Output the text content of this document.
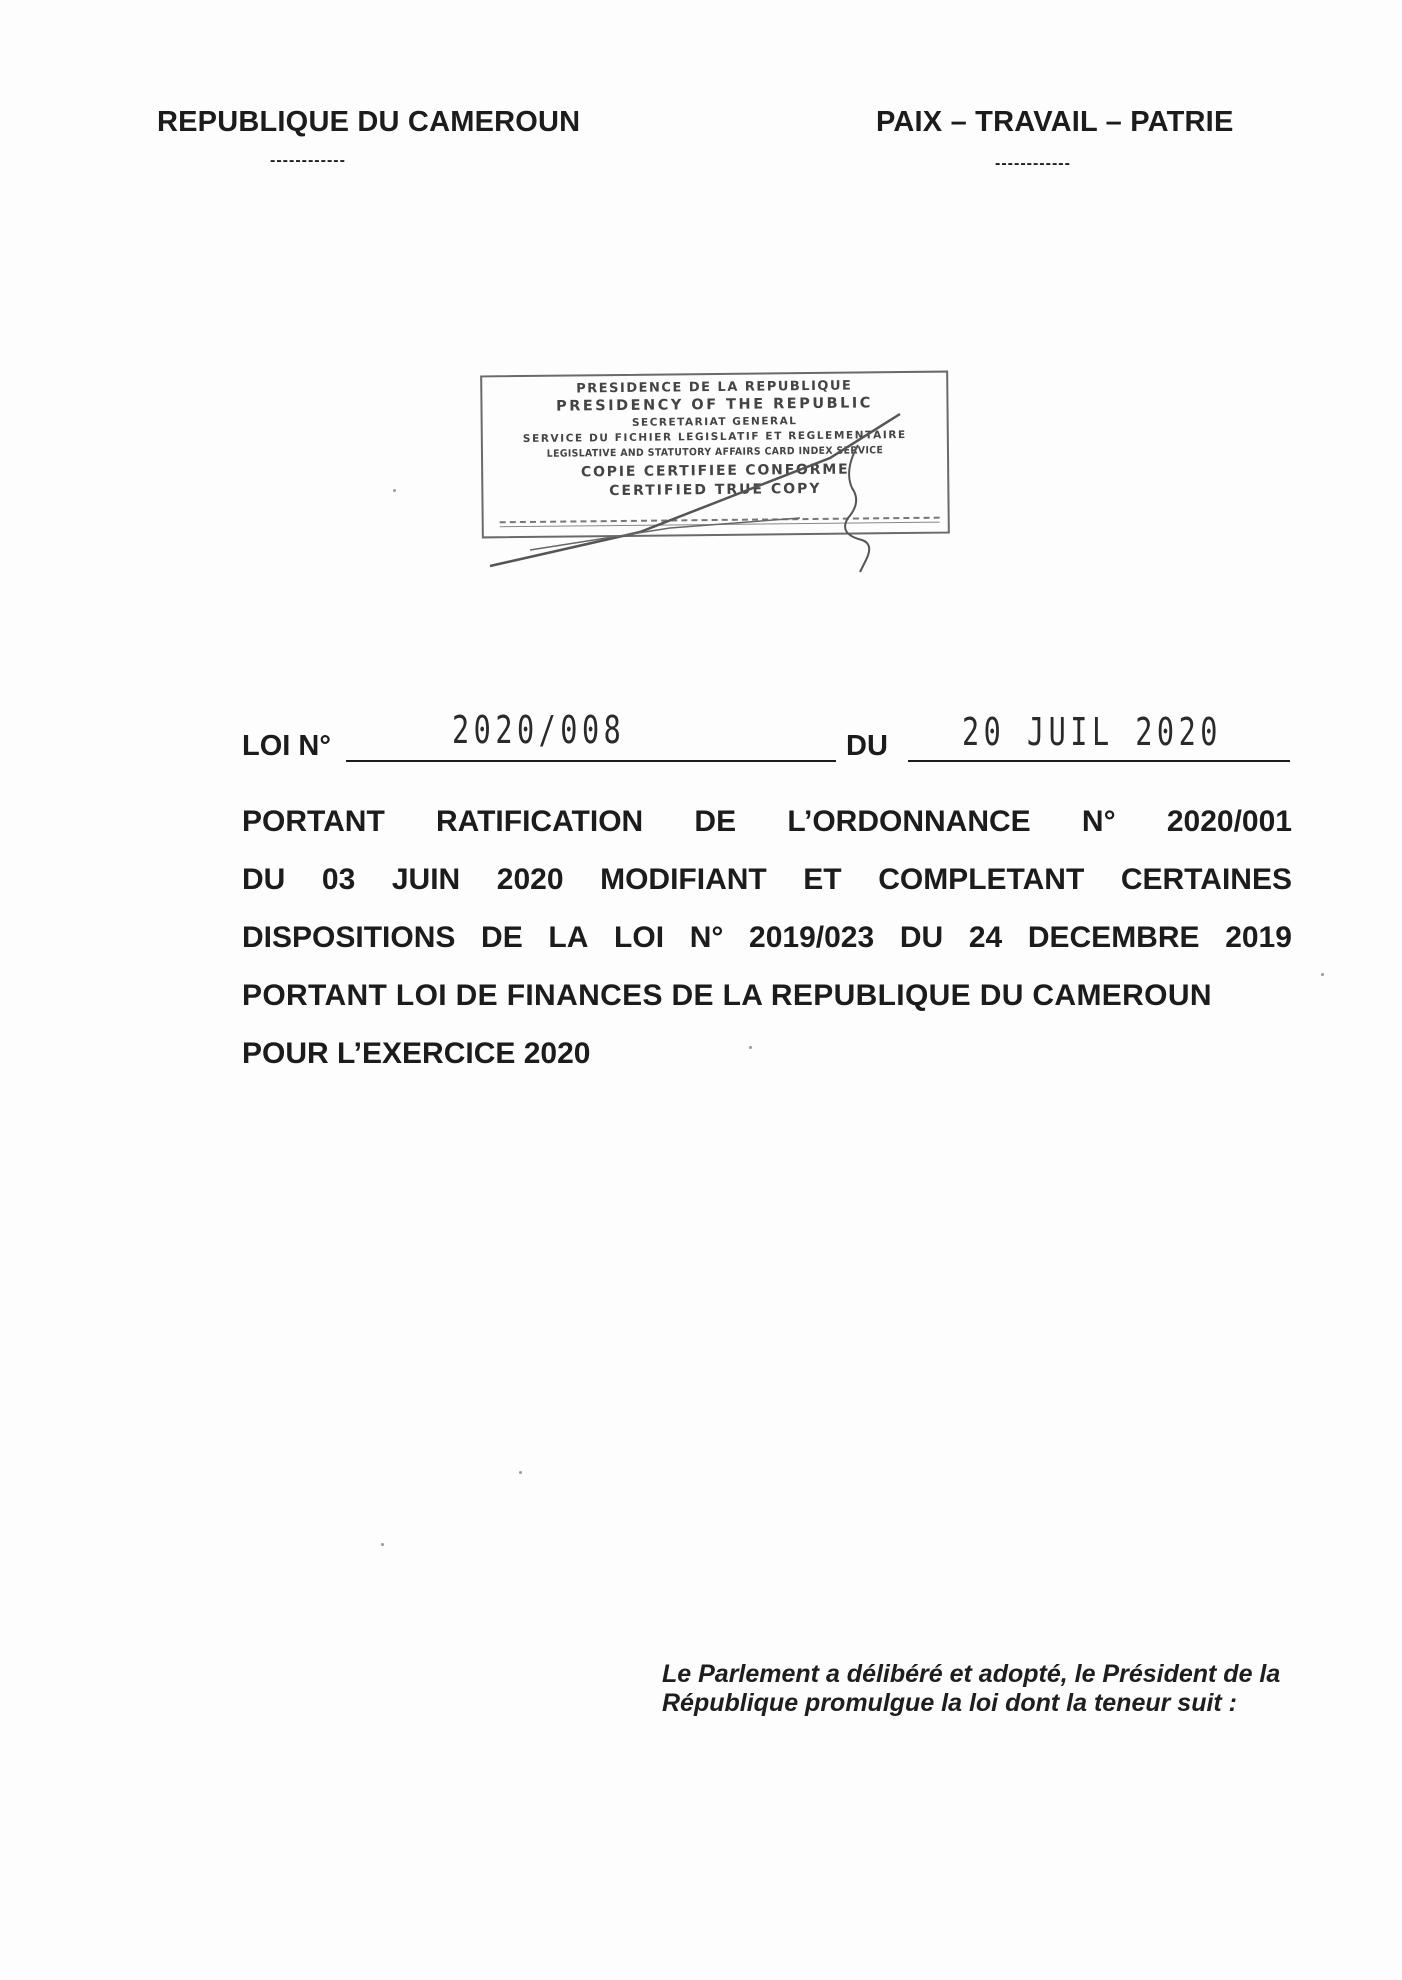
REPUBLIQUE DU CAMEROUN
------------
PAIX – TRAVAIL – PATRIE
------------
PRESIDENCE DE LA REPUBLIQUE
PRESIDENCY OF THE REPUBLIC
SECRETARIAT GENERAL
SERVICE DU FICHIER LEGISLATIF ET REGLEMENTAIRE
LEGISLATIVE AND STATUTORY AFFAIRS CARD INDEX SERVICE
COPIE CERTIFIEE CONFORME
CERTIFIED TRUE COPY
LOI N°	2020/008	DU 20 JUIL 2020
PORTANT RATIFICATION DE L’ORDONNANCE N° 2020/001
DU 03 JUIN 2020 MODIFIANT ET COMPLETANT CERTAINES
DISPOSITIONS DE LA LOI N° 2019/023 DU 24 DECEMBRE 2019
PORTANT LOI DE FINANCES DE LA REPUBLIQUE DU CAMEROUN
POUR L’EXERCICE 2020
Le Parlement a délibéré et adopté, le Président de la République promulgue la loi dont la teneur suit :
